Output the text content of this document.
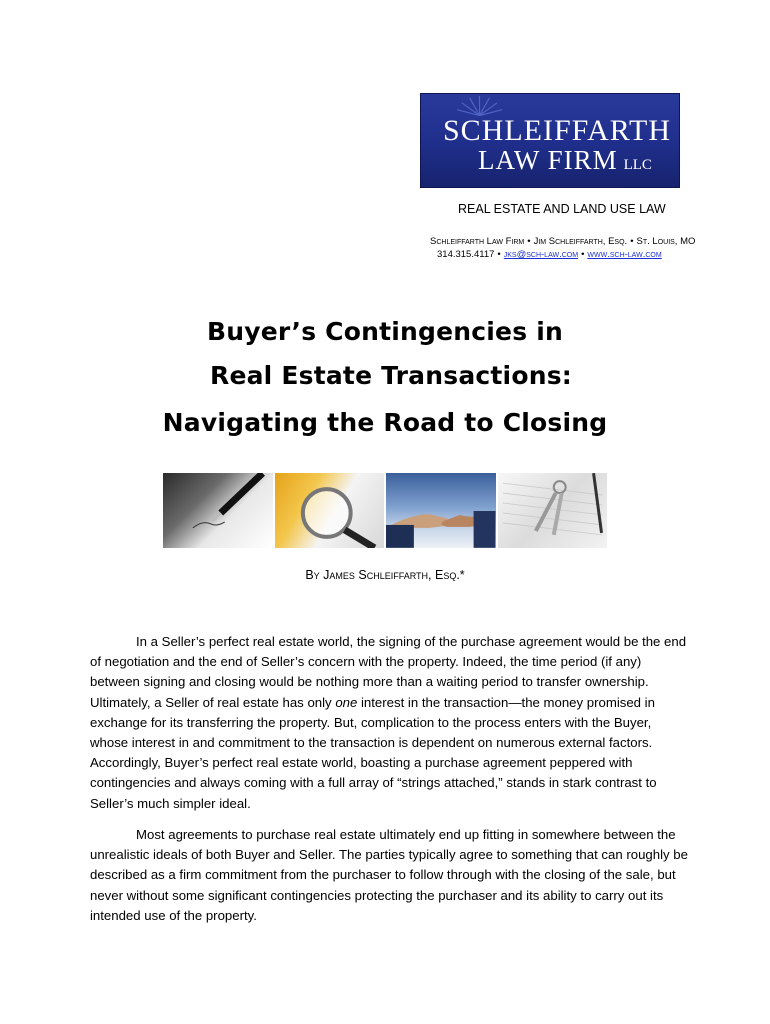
SCHLEIFFARTH
LAW FIRM LLC
REAL ESTATE AND LAND USE LAW
Schleiffarth Law Firm • Jim Schleiffarth, Esq. • St. Louis, MO
314.315.4117 • jks@sch-law.com • www.sch-law.com
Buyer’s Contingencies in
Real Estate Transactions:
Navigating the Road to Closing
By James Schleiffarth, Esq.*
In a Seller’s perfect real estate world, the signing of the purchase agreement would be the end
of negotiation and the end of Seller’s concern with the property. Indeed, the time period (if any)
between signing and closing would be nothing more than a waiting period to transfer ownership.
Ultimately, a Seller of real estate has only one interest in the transaction—the money promised in
exchange for its transferring the property. But, complication to the process enters with the Buyer,
whose interest in and commitment to the transaction is dependent on numerous external factors.
Accordingly, Buyer’s perfect real estate world, boasting a purchase agreement peppered with
contingencies and always coming with a full array of “strings attached,” stands in stark contrast to
Seller’s much simpler ideal.
Most agreements to purchase real estate ultimately end up fitting in somewhere between the
unrealistic ideals of both Buyer and Seller. The parties typically agree to something that can roughly be
described as a firm commitment from the purchaser to follow through with the closing of the sale, but
never without some significant contingencies protecting the purchaser and its ability to carry out its
intended use of the property.
